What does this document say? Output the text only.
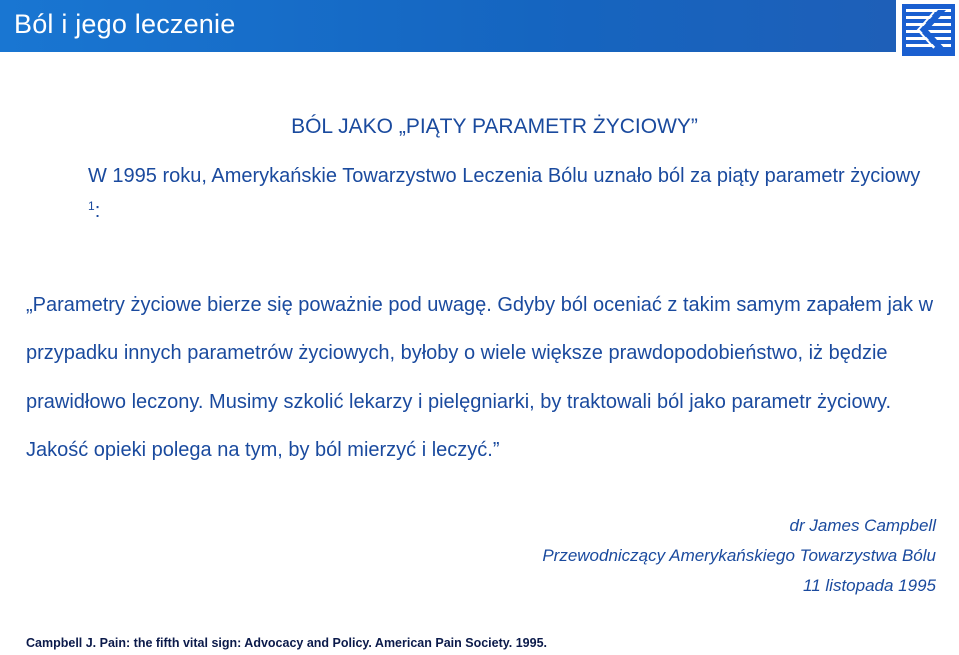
Ból i jego leczenie
BÓL JAKO „PIĄTY PARAMETR ŻYCIOWY”
W 1995 roku, Amerykańskie Towarzystwo Leczenia Bólu uznało ból za piąty parametr życiowy $^1$:
„Parametry życiowe bierze się poważnie pod uwagę. Gdyby ból oceniać z takim samym zapałem jak w przypadku innych parametrów życiowych, byłoby o wiele większe prawdopodobieństwo, iż będzie prawidłowo leczony. Musimy szkolić lekarzy i pielęgniarki, by traktowali ból jako parametr życiowy. Jakość opieki polega na tym, by ból mierzyć i leczyć.”
dr James Campbell
Przewodniczący Amerykańskiego Towarzystwa Bólu
11 listopada 1995
Campbell J. Pain: the fifth vital sign: Advocacy and Policy. American Pain Society. 1995.
